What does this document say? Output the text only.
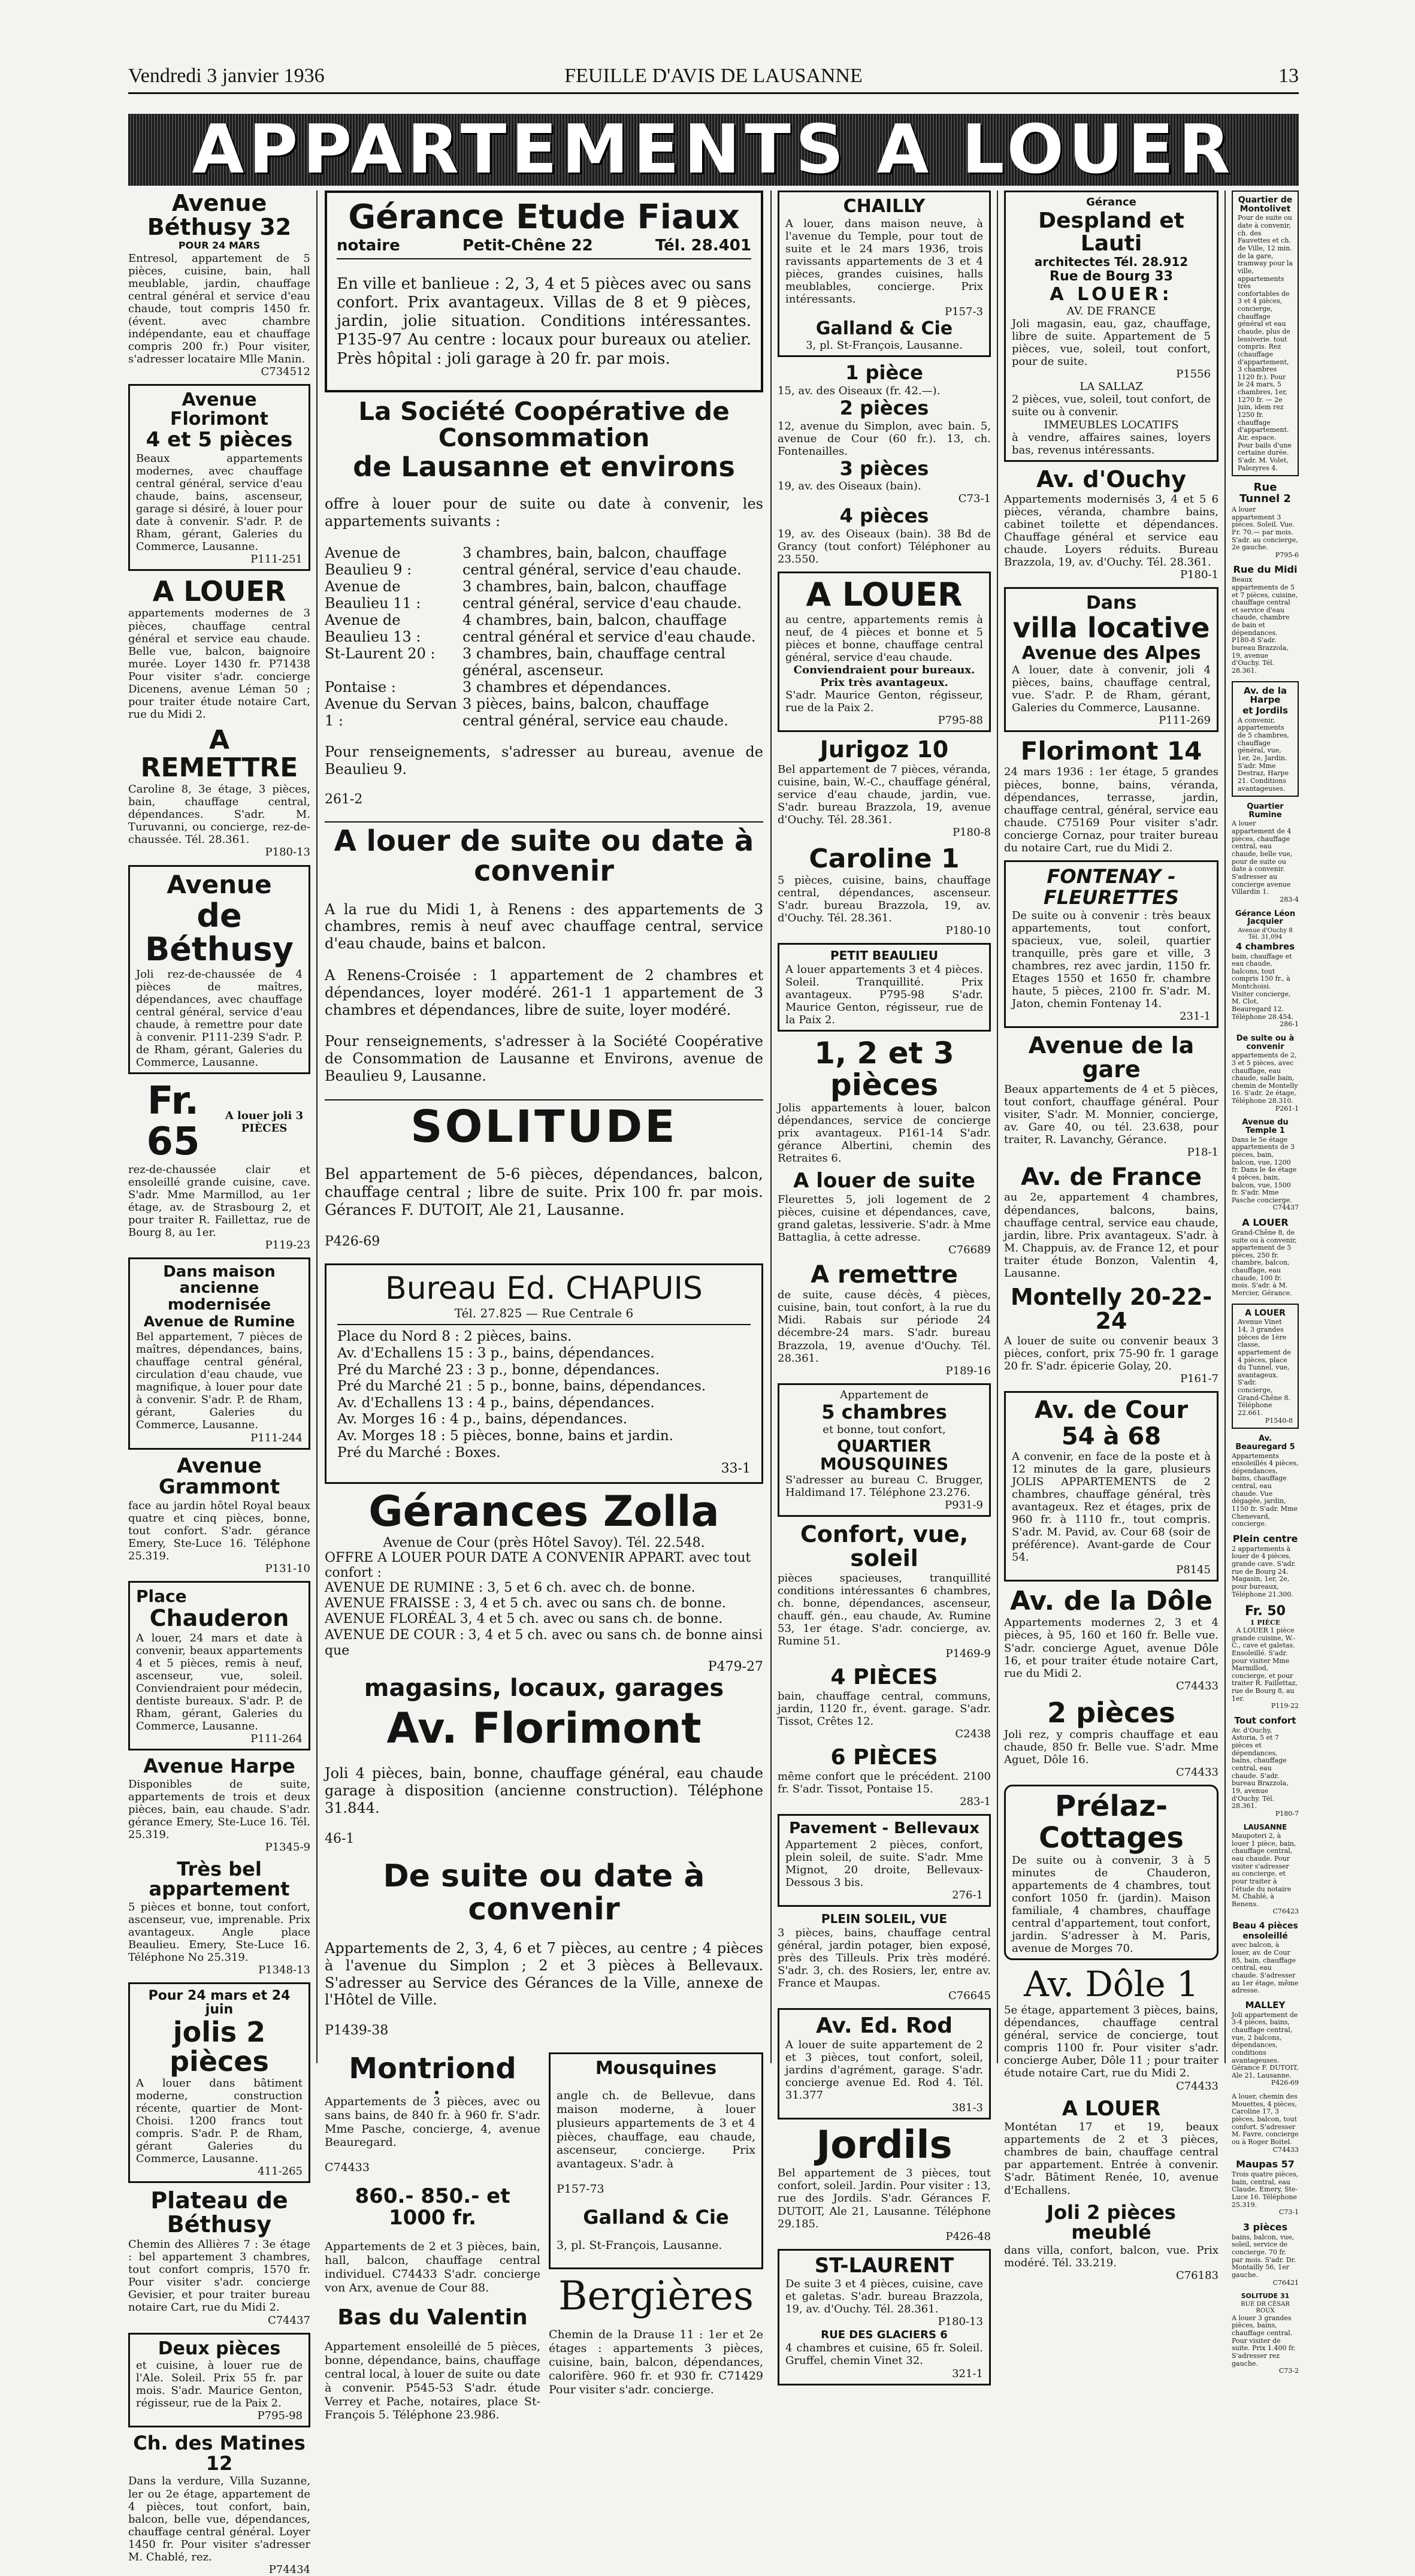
Vendredi 3 janvier 1936	FEUILLE D'AVIS DE LAUSANNE	13
APPARTEMENTS A LOUER
Avenue Béthusy 32
POUR 24 MARS

Entresol, appartement de 5 pièces, cuisine, bain, hall meublable, jardin, chauffage central général et service d'eau chaude, tout compris 1450 fr. (évent. avec chambre indépendante, eau et chauffage compris 200 fr.) Pour visiter, s'adresser locataire Mlle Manin.

C734512

Avenue Florimont
4 et 5 pièces

Beaux appartements modernes, avec chauffage central général, service d'eau chaude, bains, ascenseur, garage si désiré, à louer pour date à convenir. S'adr. P. de Rham, gérant, Galeries du Commerce, Lausanne.

P111-251

A LOUER

appartements modernes de 3 pièces, chauffage central général et service eau chaude. Belle vue, balcon, baignoire murée. Loyer 1430 fr. P71438 Pour visiter s'adr. concierge Dicenens, avenue Léman 50 ; pour traiter étude notaire Cart, rue du Midi 2.

A REMETTRE

Caroline 8, 3e étage, 3 pièces, bain, chauffage central, dépendances. S'adr. M. Turuvanni, ou concierge, rez-de-chaussée. Tél. 28.361.

P180-13

Avenue
de Béthusy

Joli rez-de-chaussée de 4 pièces de maîtres, dépendances, avec chauffage central général, service d'eau chaude, à remettre pour date à convenir. P111-239 S'adr. P. de Rham, gérant, Galeries du Commerce, Lausanne.

Fr. 65
A louer joli 3 PIÈCES

rez-de-chaussée clair et ensoleillé grande cuisine, cave. S'adr. Mme Marmillod, au 1er étage, av. de Strasbourg 2, et pour traiter R. Faillettaz, rue de Bourg 8, au 1er.

P119-23

Dans maison ancienne modernisée
Avenue de Rumine

Bel appartement, 7 pièces de maîtres, dépendances, bains, chauffage central général, circulation d'eau chaude, vue magnifique, à louer pour date à convenir. S'adr. P. de Rham, gérant, Galeries du Commerce, Lausanne.

P111-244

Avenue Grammont

face au jardin hôtel Royal beaux quatre et cinq pièces, bonne, tout confort. S'adr. gérance Emery, Ste-Luce 16. Téléphone 25.319.

P131-10

Place
Chauderon

A louer, 24 mars et date à convenir, beaux appartements 4 et 5 pièces, remis à neuf, ascenseur, vue, soleil. Conviendraient pour médecin, dentiste bureaux. S'adr. P. de Rham, gérant, Galeries du Commerce, Lausanne.

P111-264

Avenue Harpe

Disponibles de suite, appartements de trois et deux pièces, bain, eau chaude. S'adr. gérance Emery, Ste-Luce 16. Tél. 25.319.

P1345-9

Très bel appartement

5 pièces et bonne, tout confort, ascenseur, vue, imprenable. Prix avantageux. Angle place Beaulieu. Emery, Ste-Luce 16. Téléphone No 25.319.

P1348-13

Pour 24 mars et 24 juin
jolis 2 pièces

A louer dans bâtiment moderne, construction récente, quartier de Mont-Choisi. 1200 francs tout compris. S'adr. P. de Rham, gérant Galeries du Commerce, Lausanne.

411-265

Plateau de Béthusy

Chemin des Allières 7 : 3e étage : bel appartement 3 chambres, tout confort compris, 1570 fr. Pour visiter s'adr. concierge Gevisier, et pour traiter bureau notaire Cart, rue du Midi 2.

C74437

Deux pièces

et cuisine, à louer rue de l'Ale. Soleil. Prix 55 fr. par mois. S'adr. Maurice Genton, régisseur, rue de la Paix 2.

P795-98

Ch. des Matines 12

Dans la verdure, Villa Suzanne, ler ou 2e étage, appartement de 4 pièces, tout confort, bain, balcon, belle vue, dépendances, chauffage central général. Loyer 1450 fr. Pour visiter s'adresser M. Chablé, rez.

P74434

Gérance Etude Fiaux
notaire	Petit-Chêne 22	Tél. 28.401

En ville et banlieue : 2, 3, 4 et 5 pièces avec ou sans confort. Prix avantageux. Villas de 8 et 9 pièces, jardin, jolie situation. Conditions intéressantes. P135-97 Au centre : locaux pour bureaux ou atelier. Près hôpital : joli garage à 20 fr. par mois.

La Société Coopérative de Consommation
de Lausanne et environs

offre à louer pour de suite ou date à convenir, les appartements suivants :

Avenue de Beaulieu 9 :
3 chambres, bain, balcon, chauffage central général, service d'eau chaude.
Avenue de Beaulieu 11 :
3 chambres, bain, balcon, chauffage central général, service d'eau chaude.
Avenue de Beaulieu 13 :
4 chambres, bain, balcon, chauffage central général et service d'eau chaude.
St-Laurent 20 :	3 chambres, bain, chauffage central général, ascenseur.
Pontaise :	3 chambres et dépendances.
Avenue du Servan 1 :
3 pièces, bains, balcon, chauffage central général, service eau chaude.

Pour renseignements, s'adresser au bureau, avenue de Beaulieu 9.

261-2

A louer de suite ou date à convenir

A la rue du Midi 1, à Renens : des appartements de 3 chambres, remis à neuf avec chauffage central, service d'eau chaude, bains et balcon.

A Renens-Croisée : 1 appartement de 2 chambres et dépendances, loyer modéré. 261-1 1 appartement de 3 chambres et dépendances, libre de suite, loyer modéré.

Pour renseignements, s'adresser à la Société Coopérative de Consommation de Lausanne et Environs, avenue de Beaulieu 9, Lausanne.

SOLITUDE

Bel appartement de 5-6 pièces, dépendances, balcon, chauffage central ; libre de suite. Prix 100 fr. par mois. Gérances F. DUTOIT, Ale 21, Lausanne.

P426-69

Bureau Ed. CHAPUIS
Tél. 27.825 — Rue Centrale 6
Place du Nord 8 : 2 pièces, bains.
Av. d'Echallens 15 : 3 p., bains, dépendances.
Pré du Marché 23 : 3 p., bonne, dépendances.
Pré du Marché 21 : 5 p., bonne, bains, dépendances.
Av. d'Echallens 13 : 4 p., bains, dépendances.
Av. Morges 16 : 4 p., bains, dépendances.
Av. Morges 18 : 5 pièces, bonne, bains et jardin.
Pré du Marché : Boxes.
33-1
Gérances Zolla
Avenue de Cour (près Hôtel Savoy). Tél. 22.548.
OFFRE A LOUER POUR DATE A CONVENIR APPART. avec tout confort :
AVENUE DE RUMINE : 3, 5 et 6 ch. avec ch. de bonne.
AVENUE FRAISSE : 3, 4 et 5 ch. avec ou sans ch. de bonne.
AVENUE FLORÉAL 3, 4 et 5 ch. avec ou sans ch. de bonne.
AVENUE DE COUR : 3, 4 et 5 ch. avec ou sans ch. de bonne ainsi que
P479-27
magasins, locaux, garages
Av. Florimont

Joli 4 pièces, bain, bonne, chauffage général, eau chaude garage à disposition (ancienne construction). Téléphone 31.844.

46-1

De suite ou date à convenir

Appartements de 2, 3, 4, 6 et 7 pièces, au centre ; 4 pièces à l'avenue du Simplon ; 2 et 3 pièces à Bellevaux. S'adresser au Service des Gérances de la Ville, annexe de l'Hôtel de Ville.

P1439-38

Montriond

Appartements de 3 pièces, avec ou sans bains, de 840 fr. à 960 fr. S'adr. Mme Pasche, concierge, 4, avenue Beauregard.

C74433

860.- 850.- et 1000 fr.

Appartements de 2 et 3 pièces, bain, hall, balcon, chauffage central individuel. C74433 S'adr. concierge von Arx, avenue de Cour 88.

Bas du Valentin

Appartement ensoleillé de 5 pièces, bonne, dépendance, bains, chauffage central local, à louer de suite ou date à convenir. P545-53 S'adr. étude Verrey et Pache, notaires, place St-François 5. Téléphone 23.986.

Mousquines

angle ch. de Bellevue, dans maison moderne, à louer plusieurs appartements de 3 et 4 pièces, chauffage, eau chaude, ascenseur, concierge. Prix avantageux. S'adr. à

P157-73

Galland & Cie

3, pl. St-François, Lausanne.

Bergières

Chemin de la Drause 11 : 1er et 2e étages : appartements 3 pièces, cuisine, bain, balcon, dépendances, calorifère. 960 fr. et 930 fr. C71429 Pour visiter s'adr. concierge.

CHAILLY

A louer, dans maison neuve, à l'avenue du Temple, pour tout de suite et le 24 mars 1936, trois ravissants appartements de 3 et 4 pièces, grandes cuisines, halls meublables, concierge. Prix intéressants.

P157-3

Galland & Cie

3, pl. St-François, Lausanne.

1 pièce

15, av. des Oiseaux (fr. 42.—).

2 pièces

12, avenue du Simplon, avec bain. 5, avenue de Cour (60 fr.). 13, ch. Fontenailles.

3 pièces

19, av. des Oiseaux (bain).

C73-1

4 pièces

19, av. des Oiseaux (bain). 38 Bd de Grancy (tout confort) Téléphoner au 23.550.

A LOUER

au centre, appartements remis à neuf, de 4 pièces et bonne et 5 pièces et bonne, chauffage central général, service d'eau chaude.

Conviendraient pour bureaux. Prix très avantageux.

S'adr. Maurice Genton, régisseur, rue de la Paix 2.

P795-88

Jurigoz 10

Bel appartement de 7 pièces, véranda, cuisine, bain, W.-C., chauffage général, service d'eau chaude, jardin, vue. S'adr. bureau Brazzola, 19, avenue d'Ouchy. Tél. 28.361.

P180-8

Caroline 1

5 pièces, cuisine, bains, chauffage central, dépendances, ascenseur. S'adr. bureau Brazzola, 19, av. d'Ouchy. Tél. 28.361.

P180-10

PETIT BEAULIEU

A louer appartements 3 et 4 pièces. Soleil. Tranquillité. Prix avantageux. P795-98 S'adr. Maurice Genton, régisseur, rue de la Paix 2.

1, 2 et 3 pièces

Jolis appartements à louer, balcon dépendances, service de concierge prix avantageux. P161-14 S'adr. gérance Albertini, chemin des Retraites 6.

A louer de suite

Fleurettes 5, joli logement de 2 pièces, cuisine et dépendances, cave, grand galetas, lessiverie. S'adr. à Mme Battaglia, à cette adresse.

C76689

A remettre

de suite, cause décès, 4 pièces, cuisine, bain, tout confort, à la rue du Midi. Rabais sur période 24 décembre-24 mars. S'adr. bureau Brazzola, 19, avenue d'Ouchy. Tél. 28.361.

P189-16

Appartement de

5 chambres

et bonne, tout confort,

QUARTIER MOUSQUINES

S'adresser au bureau C. Brugger, Haldimand 17. Téléphone 23.276.

P931-9

Confort, vue, soleil

pièces spacieuses, tranquillité conditions intéressantes 6 chambres, ch. bonne, dépendances, ascenseur, chauff. gén., eau chaude, Av. Rumine 53, 1er étage. S'adr. concierge, av. Rumine 51.

P1469-9

4 PIÈCES

bain, chauffage central, communs, jardin, 1120 fr., évent. garage. S'adr. Tissot, Crêtes 12.

C2438

6 PIÈCES

même confort que le précédent. 2100 fr. S'adr. Tissot, Pontaise 15.

283-1

Pavement - Bellevaux

Appartement 2 pièces, confort, plein soleil, de suite. S'adr. Mme Mignot, 20 droite, Bellevaux-Dessous 3 bis.

276-1

PLEIN SOLEIL, VUE

3 pièces, bains, chauffage central général, jardin potager, bien exposé, près des Tilleuls. Prix très modéré. S'adr. 3, ch. des Rosiers, ler, entre av. France et Maupas.

C76645

Av. Ed. Rod

A louer de suite appartement de 2 et 3 pièces, tout confort, soleil, jardins d'agrément, garage. S'adr. concierge avenue Ed. Rod 4. Tél. 31.377

381-3

Jordils

Bel appartement de 3 pièces, tout confort, soleil. Jardin. Pour visiter : 13, rue des Jordils. S'adr. Gérances F. DUTOIT, Ale 21, Lausanne. Téléphone 29.185.

P426-48

ST-LAURENT

De suite 3 et 4 pièces, cuisine, cave et galetas. S'adr. bureau Brazzola, 19, av. d'Ouchy. Tél. 28.361.

P180-13

RUE DES GLACIERS 6

4 chambres et cuisine, 65 fr. Soleil. Gruffel, chemin Vinet 32.

321-1

Gérance
Despland et Lauti
architectes Tél. 28.912
Rue de Bourg 33
A LOUER:
AV. DE FRANCE

Joli magasin, eau, gaz, chauffage, libre de suite. Appartement de 5 pièces, vue, soleil, tout confort, pour de suite.

P1556

LA SALLAZ

2 pièces, vue, soleil, tout confort, de suite ou à convenir.

IMMEUBLES LOCATIFS

à vendre, affaires saines, loyers bas, revenus intéressants.

Av. d'Ouchy

Appartements modernisés 3, 4 et 5 6 pièces, véranda, chambre bains, cabinet toilette et dépendances. Chauffage général et service eau chaude. Loyers réduits. Bureau Brazzola, 19, av. d'Ouchy. Tél. 28.361.

P180-1

Dans
villa locative
Avenue des Alpes

A louer, date à convenir, joli 4 pièces, bains, chauffage central, vue. S'adr. P. de Rham, gérant, Galeries du Commerce, Lausanne.

P111-269

Florimont 14

24 mars 1936 : 1er étage, 5 grandes pièces, bonne, bains, véranda, dépendances, terrasse, jardin, chauffage central, général, service eau chaude. C75169 Pour visiter s'adr. concierge Cornaz, pour traiter bureau du notaire Cart, rue du Midi 2.

FONTENAY -
FLEURETTES

De suite ou à convenir : très beaux appartements, tout confort, spacieux, vue, soleil, quartier tranquille, près gare et ville, 3 chambres, rez avec jardin, 1150 fr. Etages 1550 et 1650 fr. chambre haute, 5 pièces, 2100 fr. S'adr. M. Jaton, chemin Fontenay 14.

231-1

Avenue de la gare

Beaux appartements de 4 et 5 pièces, tout confort, chauffage général. Pour visiter, S'adr. M. Monnier, concierge, av. Gare 40, ou tél. 23.638, pour traiter, R. Lavanchy, Gérance.

P18-1

Av. de France

au 2e, appartement 4 chambres, dépendances, balcons, bains, chauffage central, service eau chaude, jardin, libre. Prix avantageux. S'adr. à M. Chappuis, av. de France 12, et pour traiter étude Bonzon, Valentin 4, Lausanne.

Montelly 20-22-24

A louer de suite ou convenir beaux 3 pièces, confort, prix 75-90 fr. 1 garage 20 fr. S'adr. épicerie Golay, 20.

P161-7

Av. de Cour
54 à 68

A convenir, en face de la poste et à 12 minutes de la gare, plusieurs JOLIS APPARTEMENTS de 2 chambres, chauffage général, très avantageux. Rez et étages, prix de 960 fr. à 1110 fr., tout compris. S'adr. M. Pavid, av. Cour 68 (soir de préférence). Avant-garde de Cour 54.

P8145

Av. de la Dôle

Appartements modernes 2, 3 et 4 pièces, à 95, 160 et 160 fr. Belle vue. S'adr. concierge Aguet, avenue Dôle 16, et pour traiter étude notaire Cart, rue du Midi 2.

C74433

2 pièces

Joli rez, y compris chauffage et eau chaude, 850 fr. Belle vue. S'adr. Mme Aguet, Dôle 16.

C74433

Prélaz-
Cottages

De suite ou à convenir, 3 à 5 minutes de Chauderon, appartements de 4 chambres, tout confort 1050 fr. (jardin). Maison familiale, 4 chambres, chauffage central d'appartement, tout confort, jardin. S'adresser à M. Paris, avenue de Morges 70.

Av. Dôle 1

5e étage, appartement 3 pièces, bains, dépendances, chauffage central général, service de concierge, tout compris 1100 fr. Pour visiter s'adr. concierge Auber, Dôle 11 ; pour traiter étude notaire Cart, rue du Midi 2.

C74433

A LOUER

Montétan 17 et 19, beaux appartements de 2 et 3 pièces, chambres de bain, chauffage central par appartement. Entrée à convenir. S'adr. Bâtiment Renée, 10, avenue d'Echallens.

Joli 2 pièces meublé

dans villa, confort, balcon, vue. Prix modéré. Tél. 33.219.

C76183

Quartier de Montolivet

Pour de suite ou date à convenir, ch. des Fauvettes et ch. de Ville, 12 min. de la gare, tramway pour la ville, appartements très confortables de 3 et 4 pièces, concierge, chauffage général et eau chaude, plus de lessiverie. tout compris. Rez (chauffage d'appartement, 3 chambres 1120 fr.). Pour le 24 mars, 5 chambres, 1er, 1270 fr. — 2e juin, idem rez 1250 fr. chauffage d'appartement. Air, espace. Pour bails d'une certaine durée. S'adr. M. Volet, Palezyres 4.

Rue Tunnel 2

A louer appartement 3 pièces. Soleil. Vue. Fr. 70.— par mois. S'adr. au concierge, 2e gauche.

P795-6

Rue du Midi

Beaux appartements de 5 et 7 pièces, cuisine, chauffage central et service d'eau chaude, chambre de bain et dépendances. P180-8 S'adr. bureau Brazzola, 19, avenue d'Ouchy. Tél. 28.361.

Av. de la Harpe
et Jordils

A convenir, appartements de 5 chambres, chauffage général, vue, 1er, 2e, Jardin. S'adr. Mme Destraz, Harpe 21. Conditions avantageuses.

Quartier Rumine

A louer appartement de 4 pièces, chauffage central, eau chaude, belle vue, pour de suite ou date à convenir. S'adresser au concierge avenue Villardin 1.

283-4

Gérance Léon Jacquier
Avenue d'Ouchy 8 Tél. 31,094
4 chambres

bain, chauffage et eau chaude, balcons, tout compris 150 fr., à Montchoisi.

Visiter concierge, M. Clot, Beauregard 12. Téléphone 28.454.

286-1

De suite ou à convenir

appartements de 2, 3 et 5 pièces, avec chauffage, eau chaude, salle bain, chemin de Montelly 16. S'adr. 2e étage, Téléphone 28.310.

P261-1

Avenue du Temple 1

Dans le 5e étage appartements de 3 pièces, bain, balcon, vue, 1200 fr. Dans le 4e étage 4 pièces, bain, balcon, vue, 1500 fr. S'adr. Mme Pasche concierge.

C74437

A LOUER

Grand-Chêne 8, de suite ou à convenir, appartement de 5 pièces, 250 fr. chambre, balcon, chauffage, eau chaude, 100 fr. mois. S'adr. à M. Mercier, Gérance.

A LOUER

Avenue Vinet 14, 3 grandes pièces de 1ère classe, appartement de 4 pièces, place du Tunnel, vue, avantageux. S'adr. concierge, Grand-Chêne 8. Téléphone 22.661.

P1540-8

Av. Beauregard 5

Appartements ensoleillés 4 pièces, dépendances, bains, chauffage central, eau chaude. Vue dégagée, jardin, 1150 fr. S'adr. Mme Chenevard, concierge.

Plein centre

2 appartements à louer de 4 pièces, grande cave. S'adr. rue de Bourg 24. Magasin, 1er, 2e, pour bureaux, Téléphone 21.300.

Fr. 50
1 PIÈCE
A LOUER 1 pièce

grande cuisine, W.-C., cave et galetas. Ensoleillé. S'adr. pour visiter Mme Marmillod, concierge, et pour traiter R. Faillettaz, rue de Bourg 8, au 1er.

P119-22

Tout confort

Av. d'Ouchy, Astoria, 5 et 7 pièces et dépendances, bains, chauffage central, eau chaude. S'adr. bureau Brazzola, 19, avenue d'Ouchy. Tél. 28.361.

P180-7

LAUSANNE

Maupoteri 2, à louer 1 pièce, bain, chauffage central, eau chaude. Pour visiter s'adresser au concierge, et pour traiter à l'étude du notaire M. Chablé, à Renens.

C76423

Beau 4 pièces
ensoleillé

avec balcon, à louer, av. de Cour 85, bain, chauffage central, eau chaude. S'adresser au 1er étage, même adresse.

MALLEY

Joli appartement de 3-4 pièces, bains, chauffage central, vue, 2 balcons, dépendances, conditions avantageuses. Gérance F. DUTOIT, Ale 21, Lausanne.

P426-69

A louer, chemin des Mouettes, 4 pièces, Caroline 17, 3 pièces, balcon, tout confort. S'adresser M. Favre, concierge ou à Roger Boitel.

C74433

Maupas 57

Trois quatre pièces, bain, central, eau Claude, Emery, Ste-Luce 16. Téléphone 25.319.

C73-1

3 pièces

bains, balcon, vue, soleil, service de concierge. 70 fr. par mois. S'adr. Dr. Montailly 56, 1er gauche.

C76421

SOLITUDE 31
RUE DR CÉSAR ROUX

A louer 3 grandes pièces, bains, chauffage central. Pour visiter de suite. Prix 1.400 fr. S'adresser rez gauche.

C73-2
